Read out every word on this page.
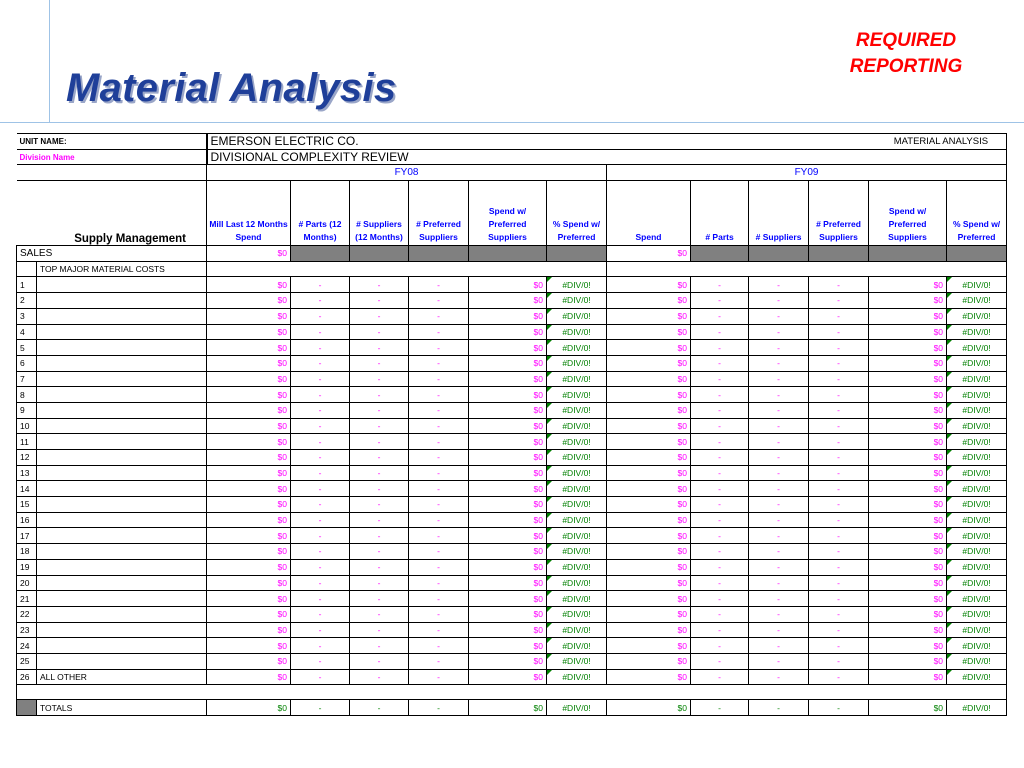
Material Analysis
REQUIRED
REPORTING
UNIT NAME:		EMERSON ELECTRIC CO.								MATERIAL ANALYSIS			
Division Name		DIVISIONAL COMPLEXITY REVIEW											
		FY08						FY09					
Supply Management		Mill Last 12 Months Spend	# Parts (12 Months)	# Suppliers (12 Months)	# Preferred Suppliers	Spend w/ Preferred Suppliers	% Spend w/ Preferred	Spend	# Parts	# Suppliers	# Preferred Suppliers	Spend w/ Preferred Suppliers	% Spend w/ Preferred
SALES		$0						$0					
	TOP MAJOR MATERIAL COSTS												
1		$0	-	-	-	$0	#DIV/0!	$0	-	-	-	$0	#DIV/0!
2		$0	-	-	-	$0	#DIV/0!	$0	-	-	-	$0	#DIV/0!
3		$0	-	-	-	$0	#DIV/0!	$0	-	-	-	$0	#DIV/0!
4		$0	-	-	-	$0	#DIV/0!	$0	-	-	-	$0	#DIV/0!
5		$0	-	-	-	$0	#DIV/0!	$0	-	-	-	$0	#DIV/0!
6		$0	-	-	-	$0	#DIV/0!	$0	-	-	-	$0	#DIV/0!
7		$0	-	-	-	$0	#DIV/0!	$0	-	-	-	$0	#DIV/0!
8		$0	-	-	-	$0	#DIV/0!	$0	-	-	-	$0	#DIV/0!
9		$0	-	-	-	$0	#DIV/0!	$0	-	-	-	$0	#DIV/0!
10		$0	-	-	-	$0	#DIV/0!	$0	-	-	-	$0	#DIV/0!
11		$0	-	-	-	$0	#DIV/0!	$0	-	-	-	$0	#DIV/0!
12		$0	-	-	-	$0	#DIV/0!	$0	-	-	-	$0	#DIV/0!
13		$0	-	-	-	$0	#DIV/0!	$0	-	-	-	$0	#DIV/0!
14		$0	-	-	-	$0	#DIV/0!	$0	-	-	-	$0	#DIV/0!
15		$0	-	-	-	$0	#DIV/0!	$0	-	-	-	$0	#DIV/0!
16		$0	-	-	-	$0	#DIV/0!	$0	-	-	-	$0	#DIV/0!
17		$0	-	-	-	$0	#DIV/0!	$0	-	-	-	$0	#DIV/0!
18		$0	-	-	-	$0	#DIV/0!	$0	-	-	-	$0	#DIV/0!
19		$0	-	-	-	$0	#DIV/0!	$0	-	-	-	$0	#DIV/0!
20		$0	-	-	-	$0	#DIV/0!	$0	-	-	-	$0	#DIV/0!
21		$0	-	-	-	$0	#DIV/0!	$0	-	-	-	$0	#DIV/0!
22		$0	-	-	-	$0	#DIV/0!	$0	-	-	-	$0	#DIV/0!
23		$0	-	-	-	$0	#DIV/0!	$0	-	-	-	$0	#DIV/0!
24		$0	-	-	-	$0	#DIV/0!	$0	-	-	-	$0	#DIV/0!
25		$0	-	-	-	$0	#DIV/0!	$0	-	-	-	$0	#DIV/0!
26	ALL OTHER	$0	-	-	-	$0	#DIV/0!	$0	-	-	-	$0	#DIV/0!

	TOTALS	$0	-	-	-	$0	#DIV/0!	$0	-	-	-	$0	#DIV/0!
